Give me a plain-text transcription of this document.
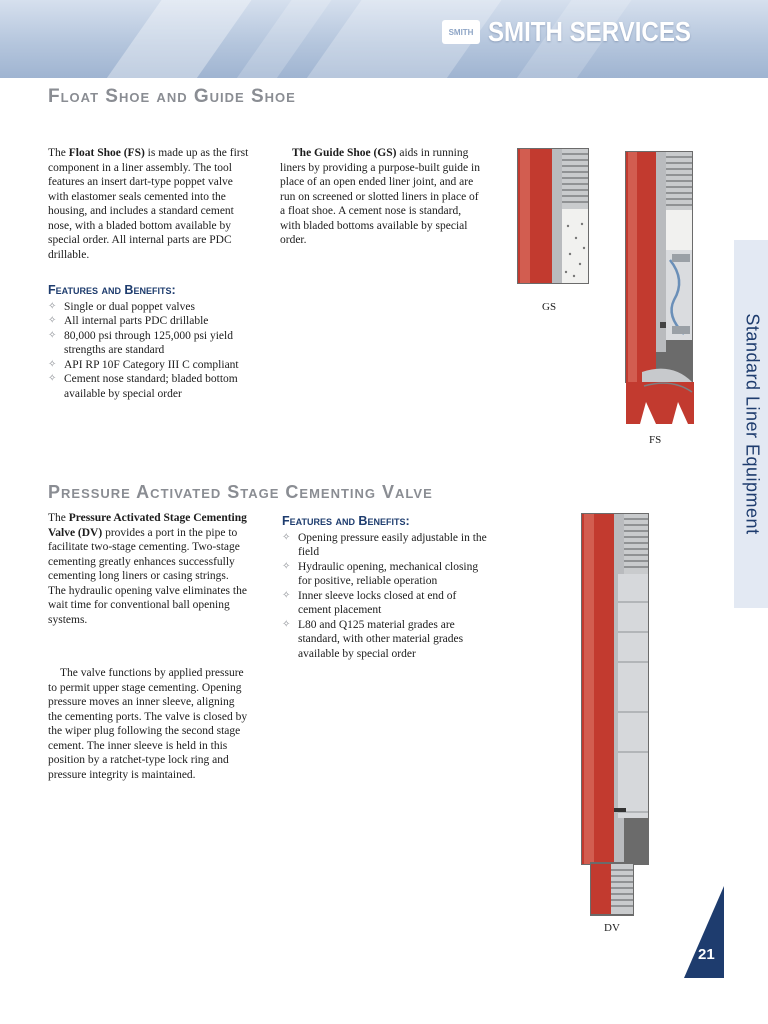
SMITH SMITH SERVICES
Float Shoe and Guide Shoe

The Float Shoe (FS) is made up as the first component in a liner assembly. The tool features an insert dart-type poppet valve with elastomer seals cemented into the housing, and includes a standard cement nose, with a bladed bottom available by special order. All internal parts are PDC drillable.

Features and Benefits:
✧ Single or dual poppet valves
✧ All internal parts PDC drillable
✧ 80,000 psi through 125,000 psi yield strengths are standard
✧ API RP 10F Category III C compliant
✧ Cement nose standard; bladed bottom available by special order

The Guide Shoe (GS) aids in running liners by providing a purpose-built guide in place of an open ended liner joint, and are run on screened or slotted liners in place of a float shoe. A cement nose is standard, with bladed bottoms available by special order.

GS
FS
Pressure Activated Stage Cementing Valve

The Pressure Activated Stage Cementing Valve (DV) provides a port in the pipe to facilitate two-stage cementing. Two-stage cementing greatly enhances successfully cementing long liners or casing strings. The hydraulic opening valve eliminates the wait time for conventional ball opening systems.

The valve functions by applied pressure to permit upper stage cementing. Opening pressure moves an inner sleeve, aligning the cementing ports. The valve is closed by the wiper plug following the second stage cement. The inner sleeve is held in this position by a ratchet-type lock ring and pressure integrity is maintained.

Features and Benefits:
✧ Opening pressure easily adjustable in the field
✧ Hydraulic opening, mechanical closing for positive, reliable operation
✧ Inner sleeve locks closed at end of cement placement
✧ L80 and Q125 material grades are standard, with other material grades available by special order
DV
Standard Liner Equipment
21
